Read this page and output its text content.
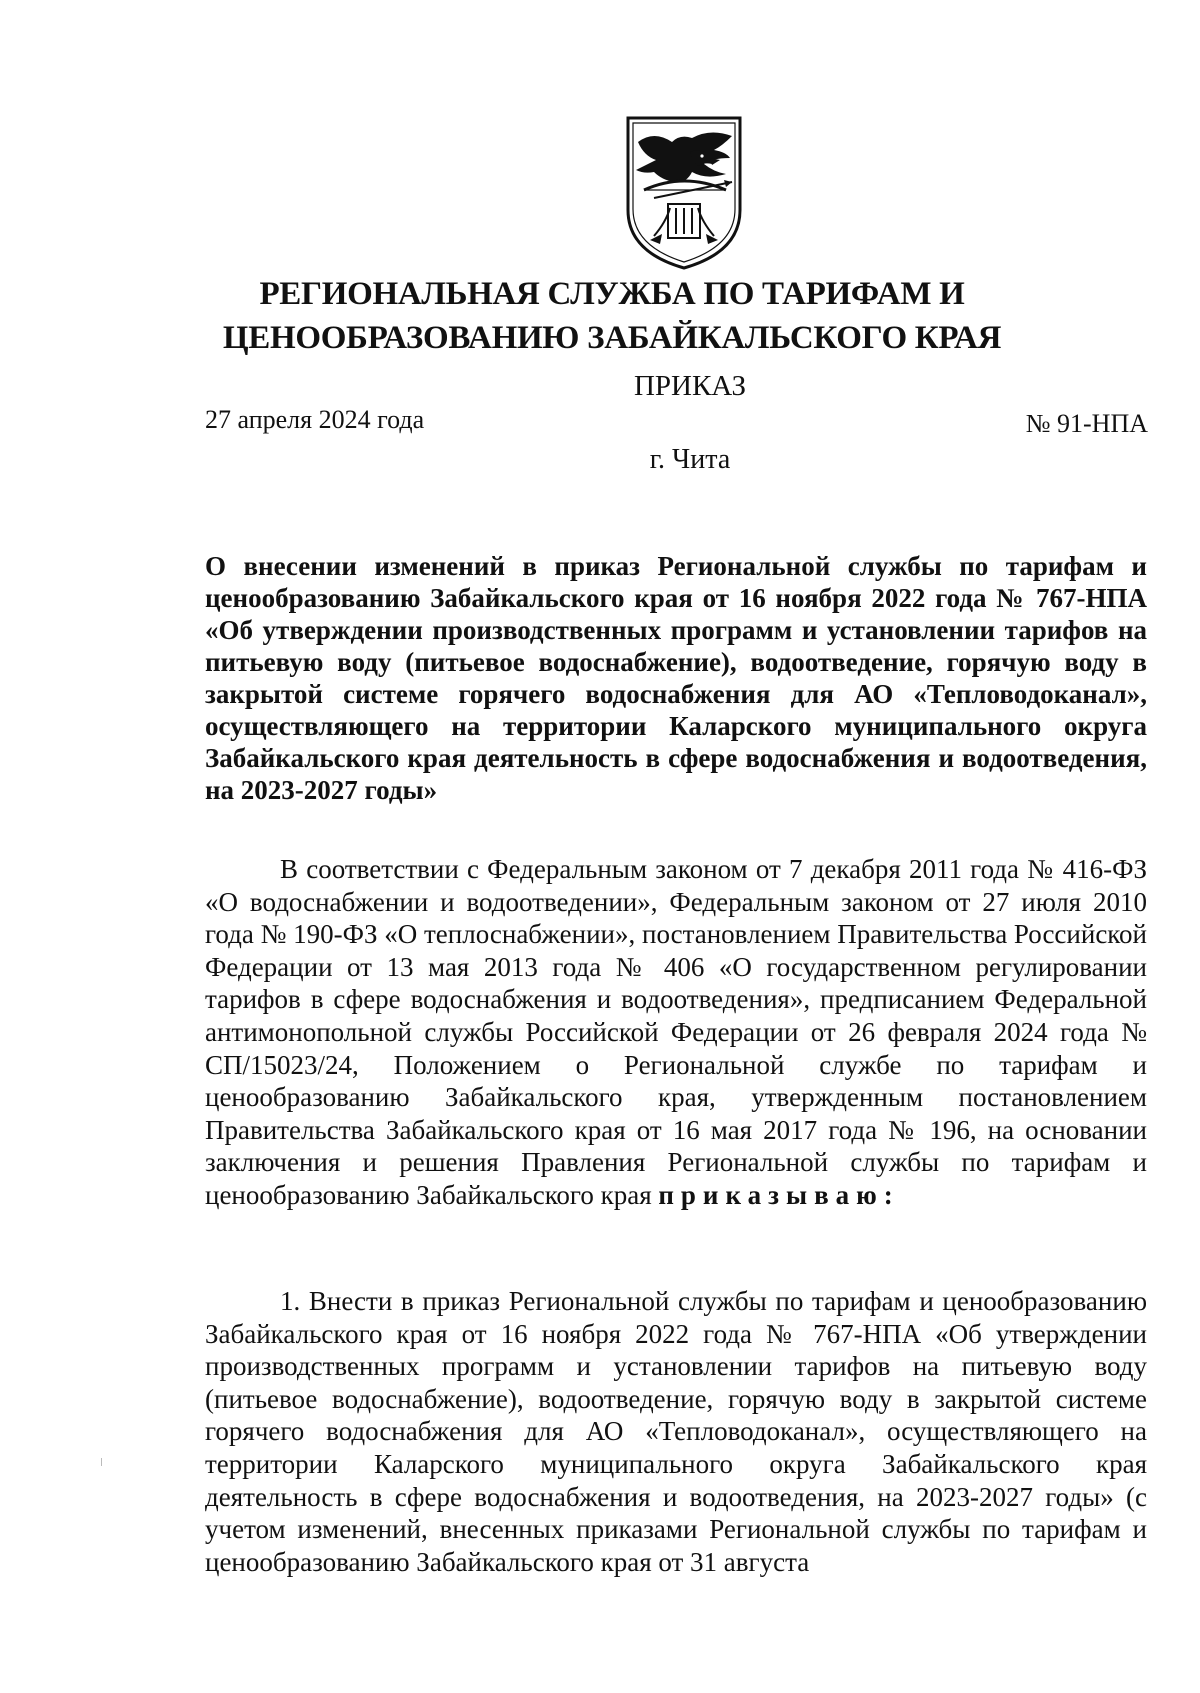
РЕГИОНАЛЬНАЯ СЛУЖБА ПО ТАРИФАМ И
ЦЕНООБРАЗОВАНИЮ ЗАБАЙКАЛЬСКОГО КРАЯ
ПРИКАЗ
27 апреля 2024 года	№ 91-НПА
г. Чита
О внесении изменений в приказ Региональной службы по тарифам и ценообразованию Забайкальского края от 16 ноября 2022 года № 767-НПА «Об утверждении производственных программ и установлении тарифов на питьевую воду (питьевое водоснабжение), водоотведение, горячую воду в закрытой системе горячего водоснабжения для АО «Тепловодоканал», осуществляющего на территории Каларского муниципального округа Забайкальского края деятельность в сфере водоснабжения и водоотведения, на 2023-2027 годы»
В соответствии с Федеральным законом от 7 декабря 2011 года № 416-ФЗ «О водоснабжении и водоотведении», Федеральным законом от 27 июля 2010 года № 190-ФЗ «О теплоснабжении», постановлением Правительства Российской Федерации от 13 мая 2013 года № 406 «О государственном регулировании тарифов в сфере водоснабжения и водоотведения», предписанием Федеральной антимонопольной службы Российской Федерации от 26 февраля 2024 года № СП/15023/24, Положением о Региональной службе по тарифам и ценообразованию Забайкальского края, утвержденным постановлением Правительства Забайкальского края от 16 мая 2017 года № 196, на основании заключения и решения Правления Региональной службы по тарифам и ценообразованию Забайкальского края приказываю:
1. Внести в приказ Региональной службы по тарифам и ценообразованию Забайкальского края от 16 ноября 2022 года № 767-НПА «Об утверждении производственных программ и установлении тарифов на питьевую воду (питьевое водоснабжение), водоотведение, горячую воду в закрытой системе горячего водоснабжения для АО «Тепловодоканал», осуществляющего на территории Каларского муниципального округа Забайкальского края деятельность в сфере водоснабжения и водоотведения, на 2023-2027 годы» (с учетом изменений, внесенных приказами Региональной службы по тарифам и ценообразованию Забайкальского края от 31 августа
